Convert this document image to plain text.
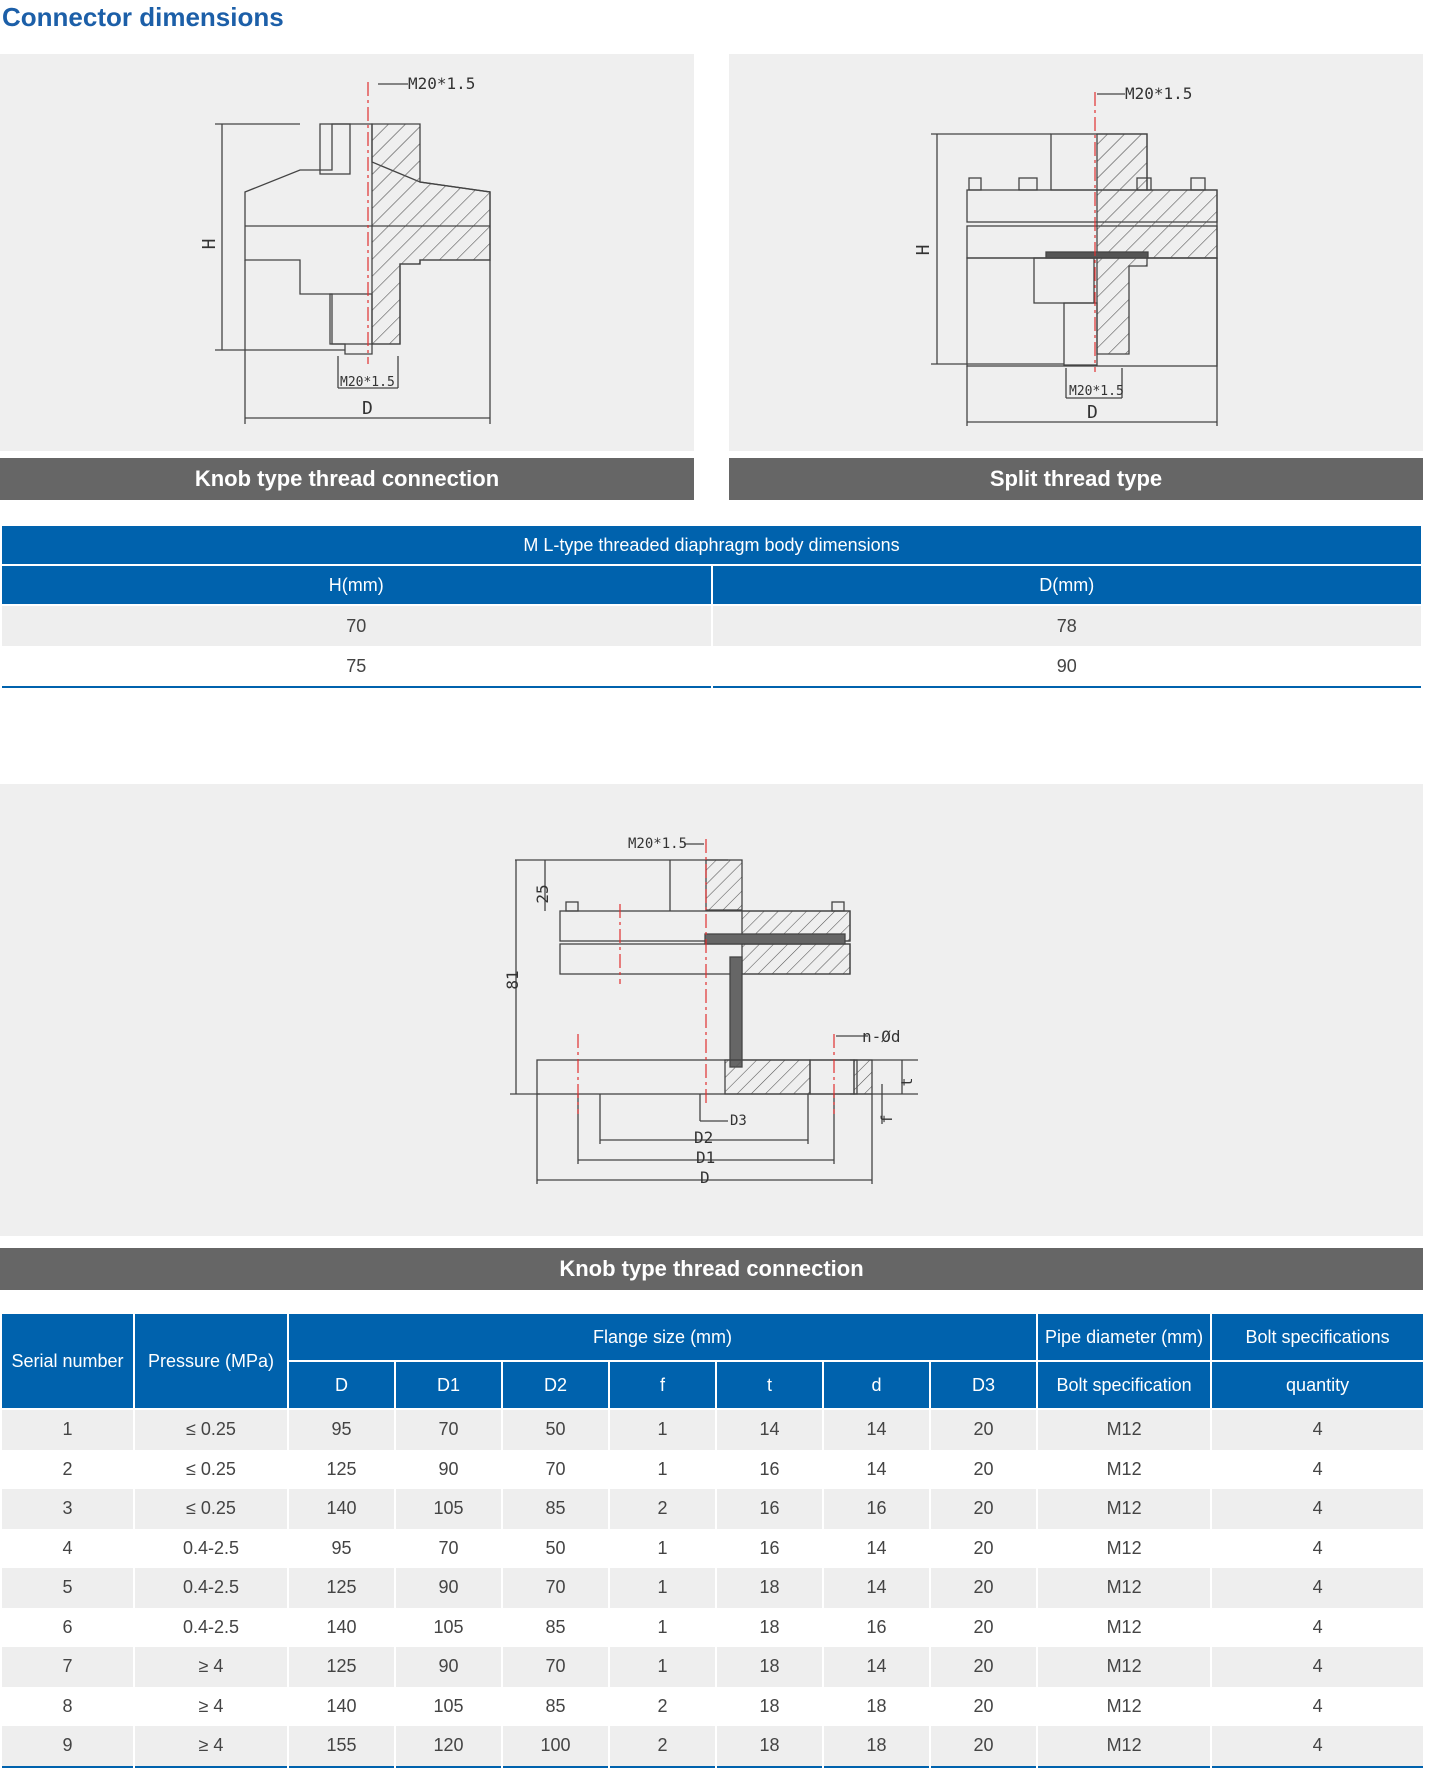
Connector dimensions
M20*1.5
M20*1.5
D
H
Knob type thread connection
M20*1.5
M20*1.5
D
H
Split thread type
M L-type threaded diaphragm body dimensions	
H(mm)	D(mm)
70	78
75	90
M20*1.5
25
81
n-Ød
t
f
D3
D2
D1
D
Knob type thread connection
Serial number	Pressure (MPa)	Flange size (mm)							Pipe diameter (mm)	Bolt specifications
		D	D1	D2	f	t	d	D3	Bolt specification	quantity
1	≤ 0.25	95	70	50	1	14	14	20	M12	4
2	≤ 0.25	125	90	70	1	16	14	20	M12	4
3	≤ 0.25	140	105	85	2	16	16	20	M12	4
4	0.4-2.5	95	70	50	1	16	14	20	M12	4
5	0.4-2.5	125	90	70	1	18	14	20	M12	4
6	0.4-2.5	140	105	85	1	18	16	20	M12	4
7	≥ 4	125	90	70	1	18	14	20	M12	4
8	≥ 4	140	105	85	2	18	18	20	M12	4
9	≥ 4	155	120	100	2	18	18	20	M12	4
